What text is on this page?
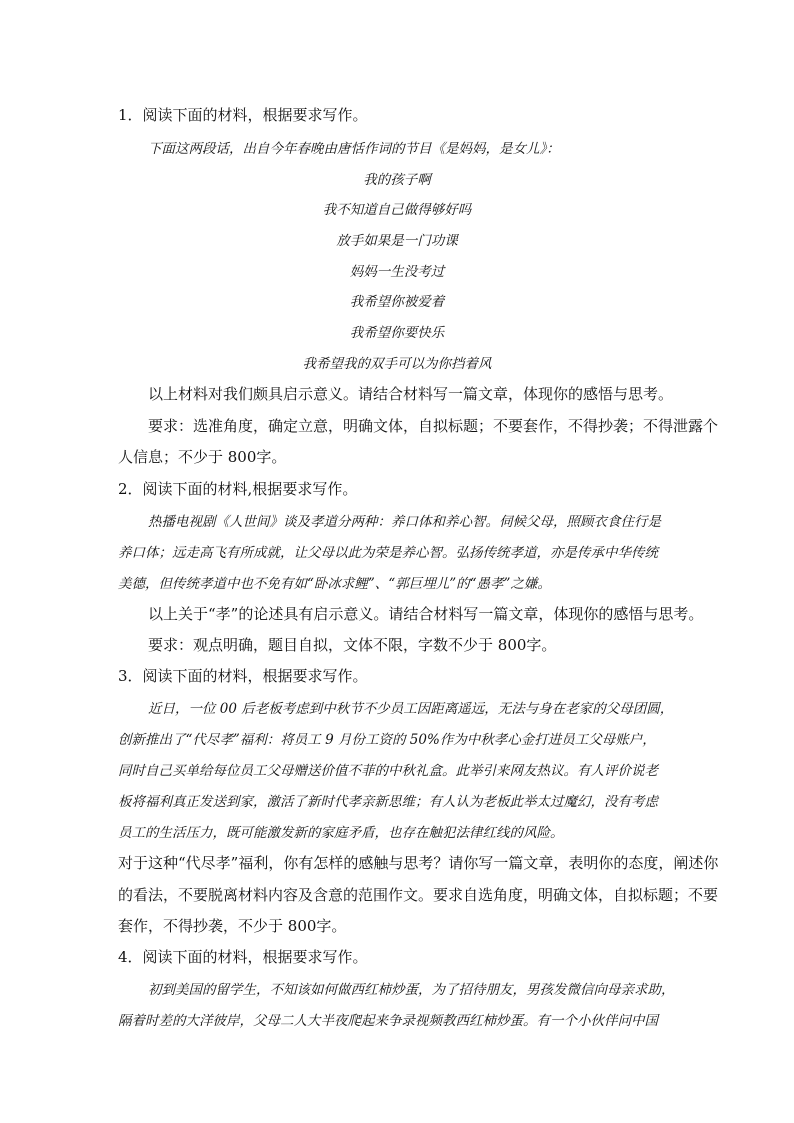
1．阅读下面的材料，根据要求写作。
下面这两段话，出自今年春晚由唐恬作词的节目《是妈妈，是女儿》：
我的孩子啊
我不知道自己做得够好吗
放手如果是一门功课
妈妈一生没考过
我希望你被爱着
我希望你要快乐
我希望我的双手可以为你挡着风
以上材料对我们颇具启示意义。请结合材料写一篇文章，体现你的感悟与思考。
要求：选准角度，确定立意，明确文体，自拟标题；不要套作，不得抄袭；不得泄露个
人信息；不少于 800字。
2．阅读下面的材料,根据要求写作。
热播电视剧《人世间》谈及孝道分两种：养口体和养心智。伺候父母，照顾衣食住行是
养口体；远走高飞有所成就，让父母以此为荣是养心智。弘扬传统孝道，亦是传承中华传统
美德，但传统孝道中也不免有如“卧冰求鲤”、“郭巨埋儿”的“愚孝”之嫌。
以上关于“孝”的论述具有启示意义。请结合材料写一篇文章，体现你的感悟与思考。
要求：观点明确，题目自拟，文体不限，字数不少于 800字。
3．阅读下面的材料，根据要求写作。
近日，一位 00 后老板考虑到中秋节不少员工因距离遥远，无法与身在老家的父母团圆，
创新推出了“代尽孝”福利：将员工 9 月份工资的 50%作为中秋孝心金打进员工父母账户，
同时自己买单给每位员工父母赠送价值不菲的中秋礼盒。此举引来网友热议。有人评价说老
板将福利真正发送到家，激活了新时代孝亲新思维；有人认为老板此举太过魔幻，没有考虑
员工的生活压力，既可能激发新的家庭矛盾，也存在触犯法律红线的风险。
对于这种“代尽孝”福利，你有怎样的感触与思考？请你写一篇文章，表明你的态度，阐述你
的看法，不要脱离材料内容及含意的范围作文。要求自选角度，明确文体，自拟标题；不要
套作，不得抄袭，不少于 800字。
4．阅读下面的材料，根据要求写作。
初到美国的留学生，不知该如何做西红柿炒蛋，为了招待朋友，男孩发微信向母亲求助，
隔着时差的大洋彼岸，父母二人大半夜爬起来争录视频教西红柿炒蛋。有一个小伙伴问中国
